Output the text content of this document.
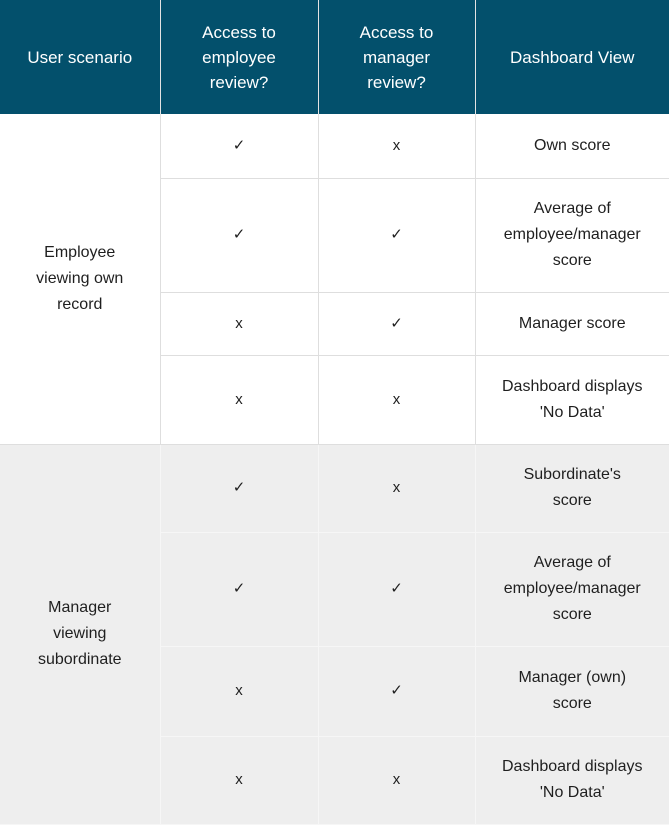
User scenario	Access to employee review?	Access to manager review?	Dashboard View
Employee viewing own record	✓	x	Own score
	✓	✓	Average of employee/manager score
	x	✓	Manager score
	x	x	Dashboard displays 'No Data'
Manager viewing subordinate	✓	x	Subordinate's score
	✓	✓	Average of employee/manager score
	x	✓	Manager (own) score
	x	x	Dashboard displays 'No Data'
